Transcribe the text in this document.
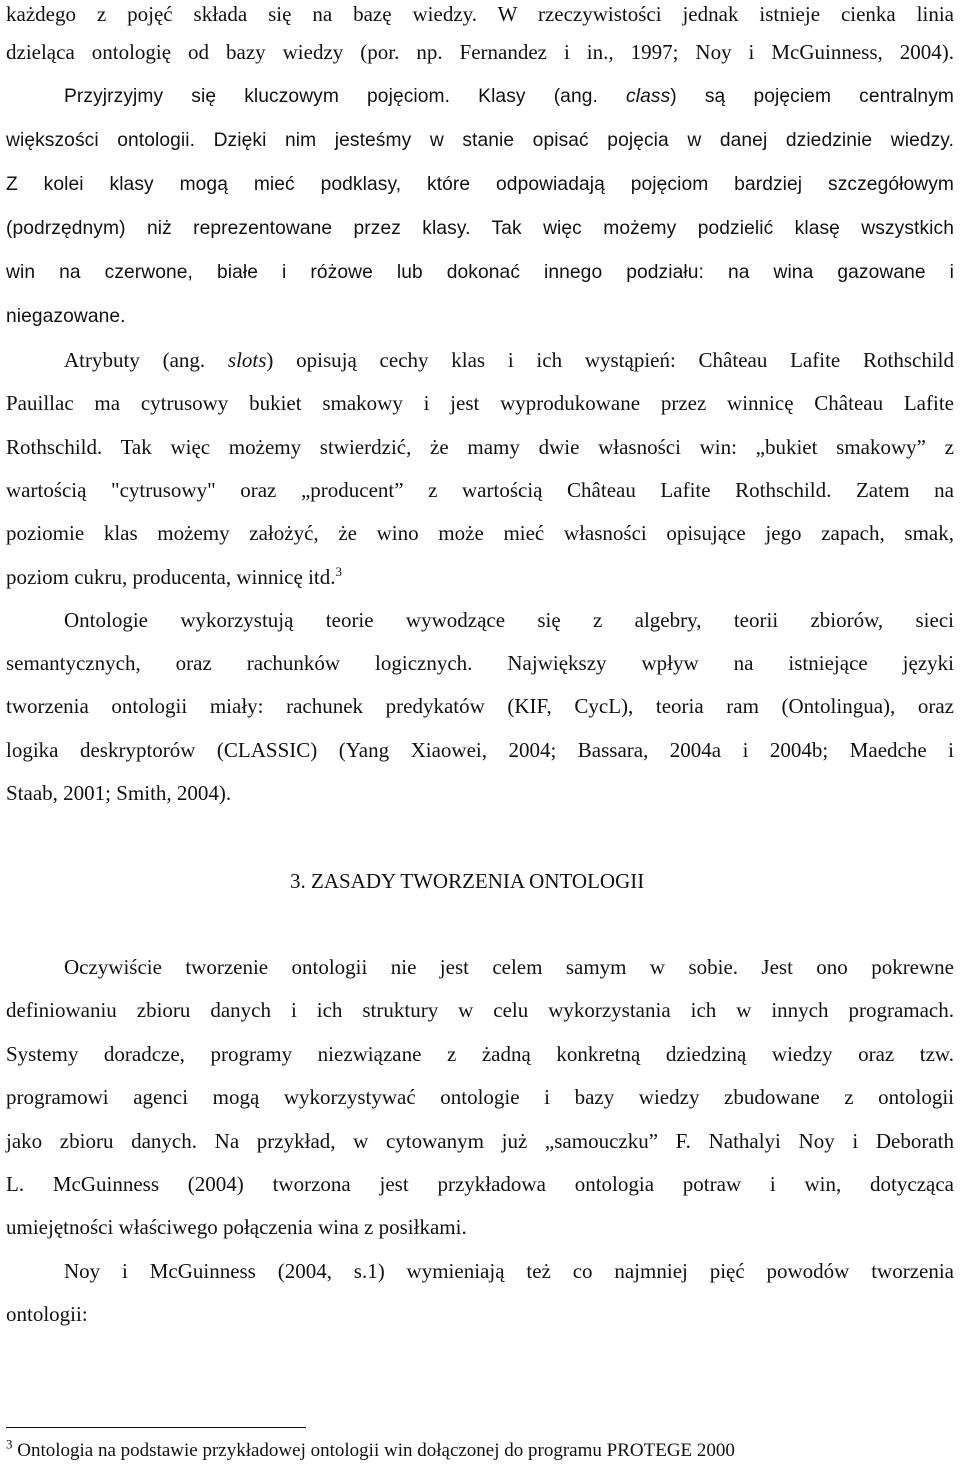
każdego z pojęć składa się na bazę wiedzy. W rzeczywistości jednak istnieje cienka linia
dzieląca ontologię od bazy wiedzy (por. np. Fernandez i in., 1997; Noy i McGuinness, 2004).
Przyjrzyjmy się kluczowym pojęciom. Klasy (ang. class) są pojęciem centralnym
większości ontologii. Dzięki nim jesteśmy w stanie opisać pojęcia w danej dziedzinie wiedzy.
Z kolei klasy mogą mieć podklasy, które odpowiadają pojęciom bardziej szczegółowym
(podrzędnym) niż reprezentowane przez klasy. Tak więc możemy podzielić klasę wszystkich
win na czerwone, białe i różowe lub dokonać innego podziału: na wina gazowane i
niegazowane.
Atrybuty (ang. slots) opisują cechy klas i ich wystąpień: Château Lafite Rothschild
Pauillac ma cytrusowy bukiet smakowy i jest wyprodukowane przez winnicę Château Lafite
Rothschild. Tak więc możemy stwierdzić, że mamy dwie własności win: „bukiet smakowy” z
wartością "cytrusowy" oraz „producent” z wartością Château Lafite Rothschild. Zatem na
poziomie klas możemy założyć, że wino może mieć własności opisujące jego zapach, smak,
poziom cukru, producenta, winnicę itd.$^3$
Ontologie wykorzystują teorie wywodzące się z algebry, teorii zbiorów, sieci
semantycznych, oraz rachunków logicznych. Największy wpływ na istniejące języki
tworzenia ontologii miały: rachunek predykatów (KIF, CycL), teoria ram (Ontolingua), oraz
logika deskryptorów (CLASSIC) (Yang Xiaowei, 2004; Bassara, 2004a i 2004b; Maedche i
Staab, 2001; Smith, 2004).
3. ZASADY TWORZENIA ONTOLOGII
Oczywiście tworzenie ontologii nie jest celem samym w sobie. Jest ono pokrewne
definiowaniu zbioru danych i ich struktury w celu wykorzystania ich w innych programach.
Systemy doradcze, programy niezwiązane z żadną konkretną dziedziną wiedzy oraz tzw.
programowi agenci mogą wykorzystywać ontologie i bazy wiedzy zbudowane z ontologii
jako zbioru danych. Na przykład, w cytowanym już „samouczku” F. Nathalyi Noy i Deborath
L. McGuinness (2004) tworzona jest przykładowa ontologia potraw i win, dotycząca
umiejętności właściwego połączenia wina z posiłkami.
Noy i McGuinness (2004, s.1) wymieniają też co najmniej pięć powodów tworzenia
ontologii:
$^3$ Ontologia na podstawie przykładowej ontologii win dołączonej do programu PROTEGE 2000
